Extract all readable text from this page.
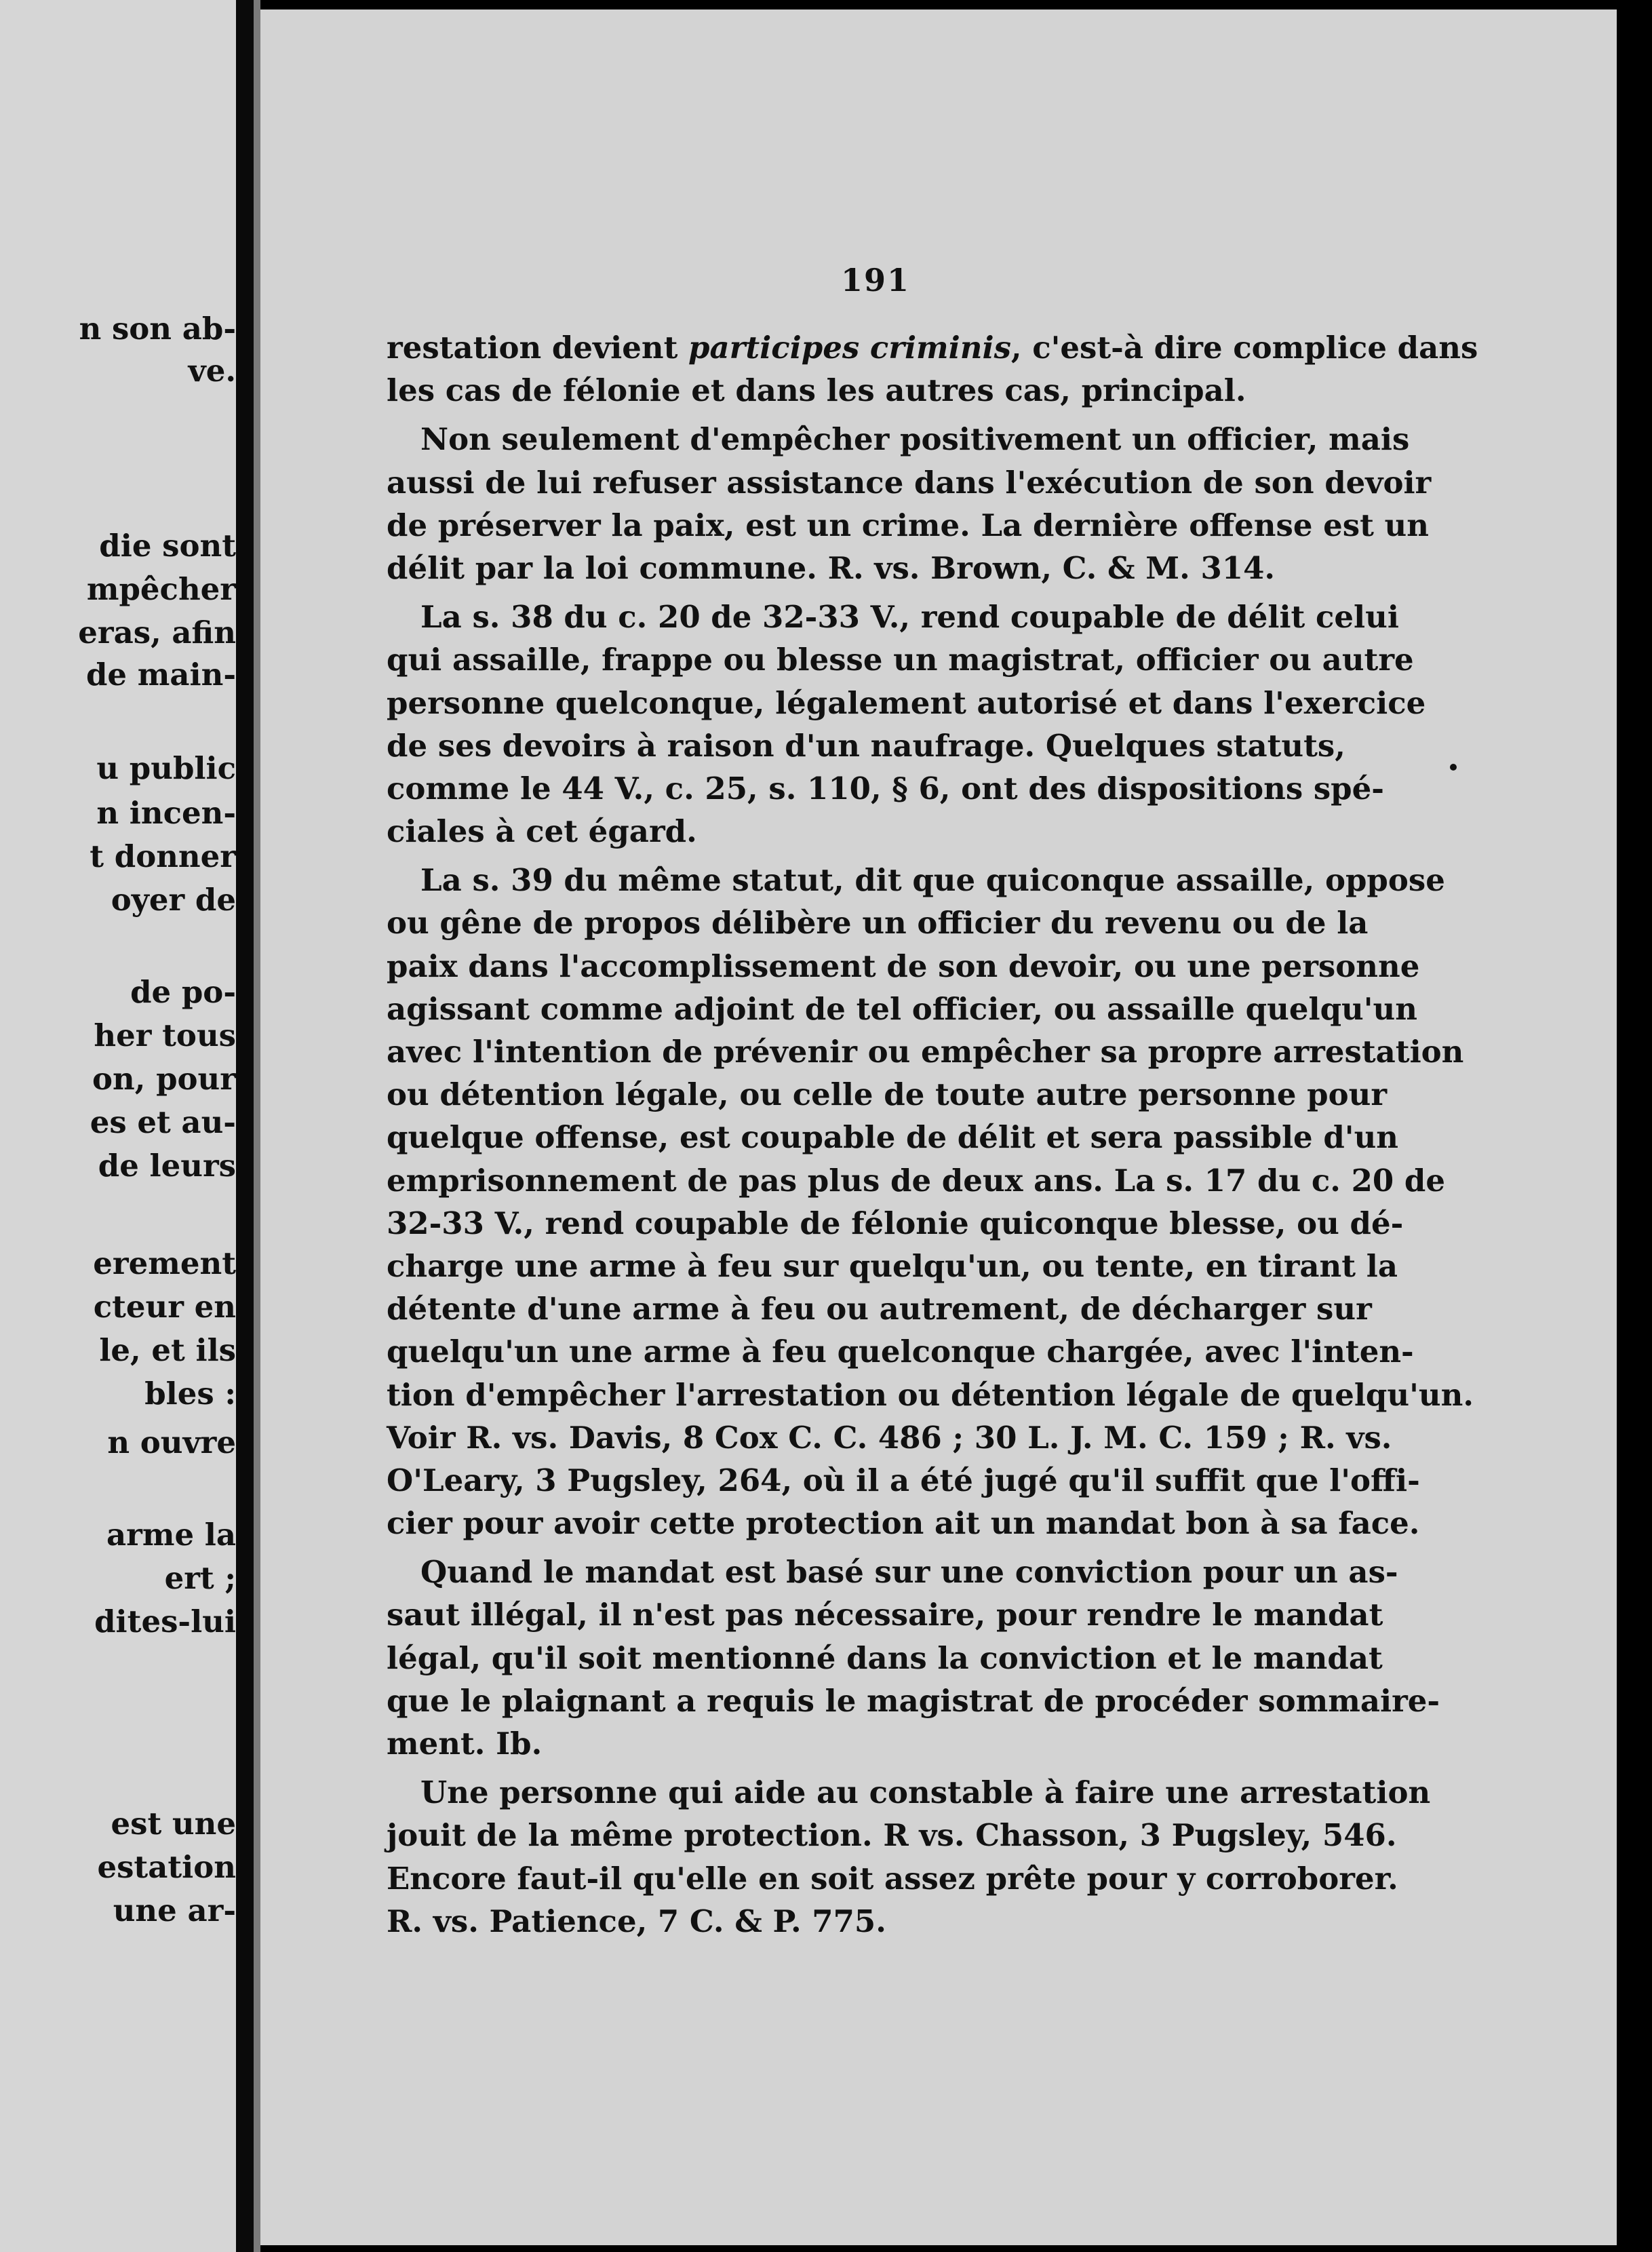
n son ab-
ve.
die sont
mpêcher
eras, afin
de main-
u public
n incen-
t donner
oyer de
de po-
her tous
on, pour
es et au-
de leurs
erement
cteur en
le, et ils
bles :
n ouvre
arme la
ert ;
dites-lui
est une
estation
une ar-
191
restation devient participes criminis, c'est-à dire complice dans
les cas de félonie et dans les autres cas, principal.
Non seulement d'empêcher positivement un officier, mais
aussi de lui refuser assistance dans l'exécution de son devoir
de préserver la paix, est un crime. La dernière offense est un
délit par la loi commune. R. vs. Brown, C. & M. 314.
La s. 38 du c. 20 de 32-33 V., rend coupable de délit celui
qui assaille, frappe ou blesse un magistrat, officier ou autre
personne quelconque, légalement autorisé et dans l'exercice
de ses devoirs à raison d'un naufrage. Quelques statuts,
comme le 44 V., c. 25, s. 110, § 6, ont des dispositions spé-
ciales à cet égard.
La s. 39 du même statut, dit que quiconque assaille, oppose
ou gêne de propos délibère un officier du revenu ou de la
paix dans l'accomplissement de son devoir, ou une personne
agissant comme adjoint de tel officier, ou assaille quelqu'un
avec l'intention de prévenir ou empêcher sa propre arrestation
ou détention légale, ou celle de toute autre personne pour
quelque offense, est coupable de délit et sera passible d'un
emprisonnement de pas plus de deux ans. La s. 17 du c. 20 de
32-33 V., rend coupable de félonie quiconque blesse, ou dé-
charge une arme à feu sur quelqu'un, ou tente, en tirant la
détente d'une arme à feu ou autrement, de décharger sur
quelqu'un une arme à feu quelconque chargée, avec l'inten-
tion d'empêcher l'arrestation ou détention légale de quelqu'un.
Voir R. vs. Davis, 8 Cox C. C. 486 ; 30 L. J. M. C. 159 ; R. vs.
O'Leary, 3 Pugsley, 264, où il a été jugé qu'il suffit que l'offi-
cier pour avoir cette protection ait un mandat bon à sa face.
Quand le mandat est basé sur une conviction pour un as-
saut illégal, il n'est pas nécessaire, pour rendre le mandat
légal, qu'il soit mentionné dans la conviction et le mandat
que le plaignant a requis le magistrat de procéder sommaire-
ment. Ib.
Une personne qui aide au constable à faire une arrestation
jouit de la même protection. R vs. Chasson, 3 Pugsley, 546.
Encore faut-il qu'elle en soit assez prête pour y corroborer.
R. vs. Patience, 7 C. & P. 775.
